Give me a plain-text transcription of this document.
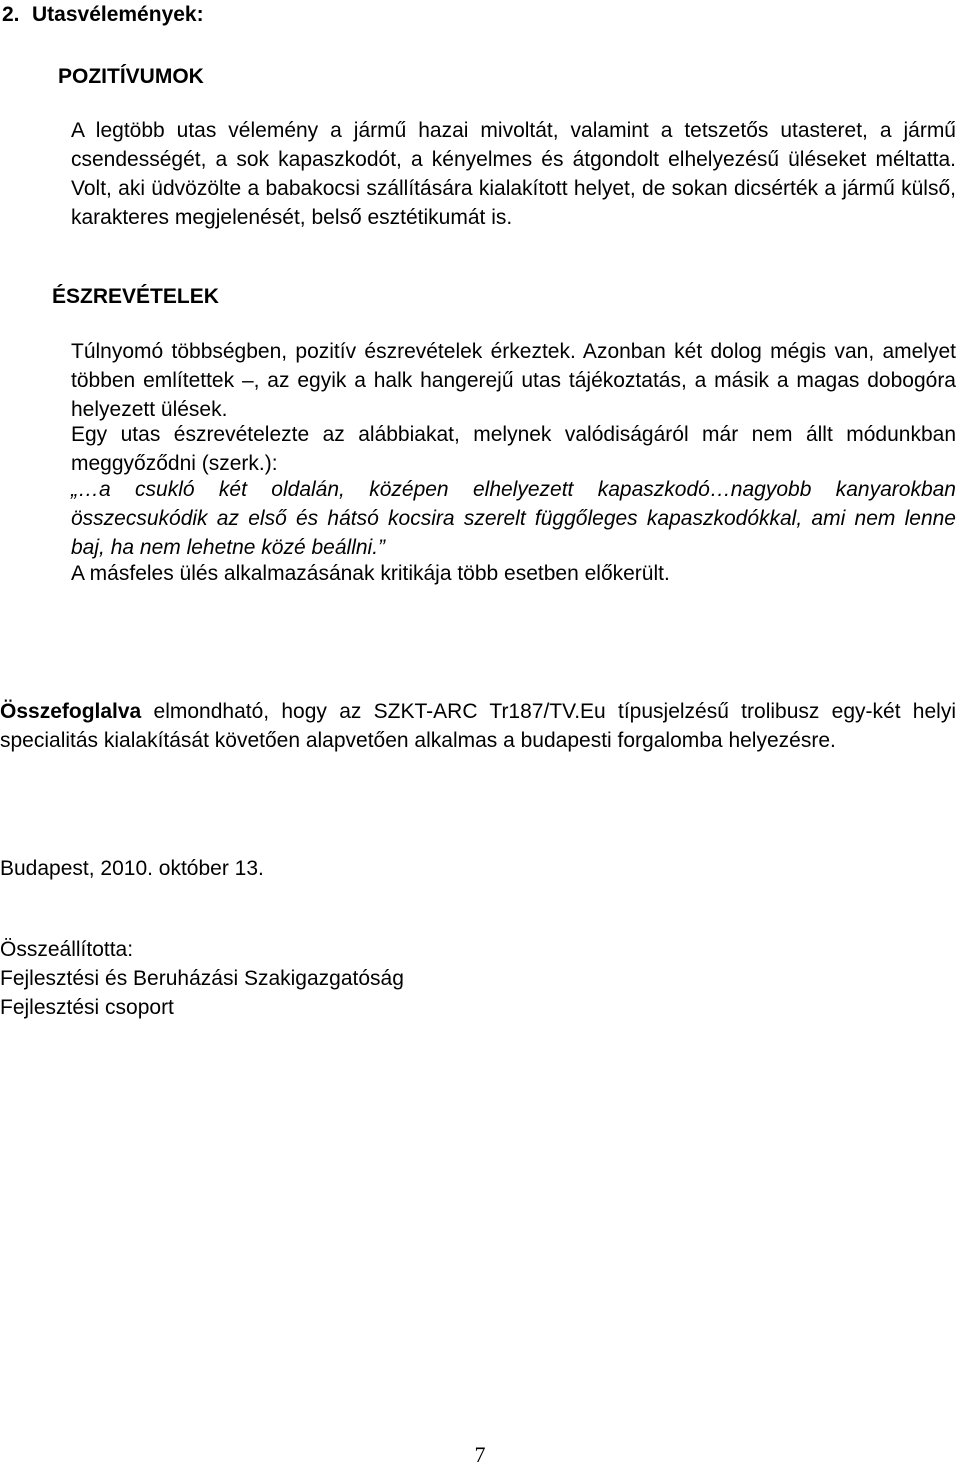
2. Utasvélemények:
POZITÍVUMOK

A legtöbb utas vélemény a jármű hazai mivoltát, valamint a tetszetős utasteret, a jármű csendességét, a sok kapaszkodót, a kényelmes és átgondolt elhelyezésű üléseket méltatta. Volt, aki üdvözölte a babakocsi szállítására kialakított helyet, de sokan dicsérték a jármű külső, karakteres megjelenését, belső esztétikumát is.

ÉSZREVÉTELEK

Túlnyomó többségben, pozitív észrevételek érkeztek. Azonban két dolog mégis van, amelyet többen említettek –, az egyik a halk hangerejű utas tájékoztatás, a másik a magas dobogóra helyezett ülések.

Egy utas észrevételezte az alábbiakat, melynek valódiságáról már nem állt módunkban meggyőződni (szerk.):

„…a csukló két oldalán, középen elhelyezett kapaszkodó…nagyobb kanyarokban összecsukódik az első és hátsó kocsira szerelt függőleges kapaszkodókkal, ami nem lenne baj, ha nem lehetne közé beállni.”

A másfeles ülés alkalmazásának kritikája több esetben előkerült.

Összefoglalva elmondható, hogy az SZKT-ARC Tr187/TV.Eu típusjelzésű trolibusz egy-két helyi specialitás kialakítását követően alapvetően alkalmas a budapesti forgalomba helyezésre.

Budapest, 2010. október 13.
Összeállította:
Fejlesztési és Beruházási Szakigazgatóság
Fejlesztési csoport
7
